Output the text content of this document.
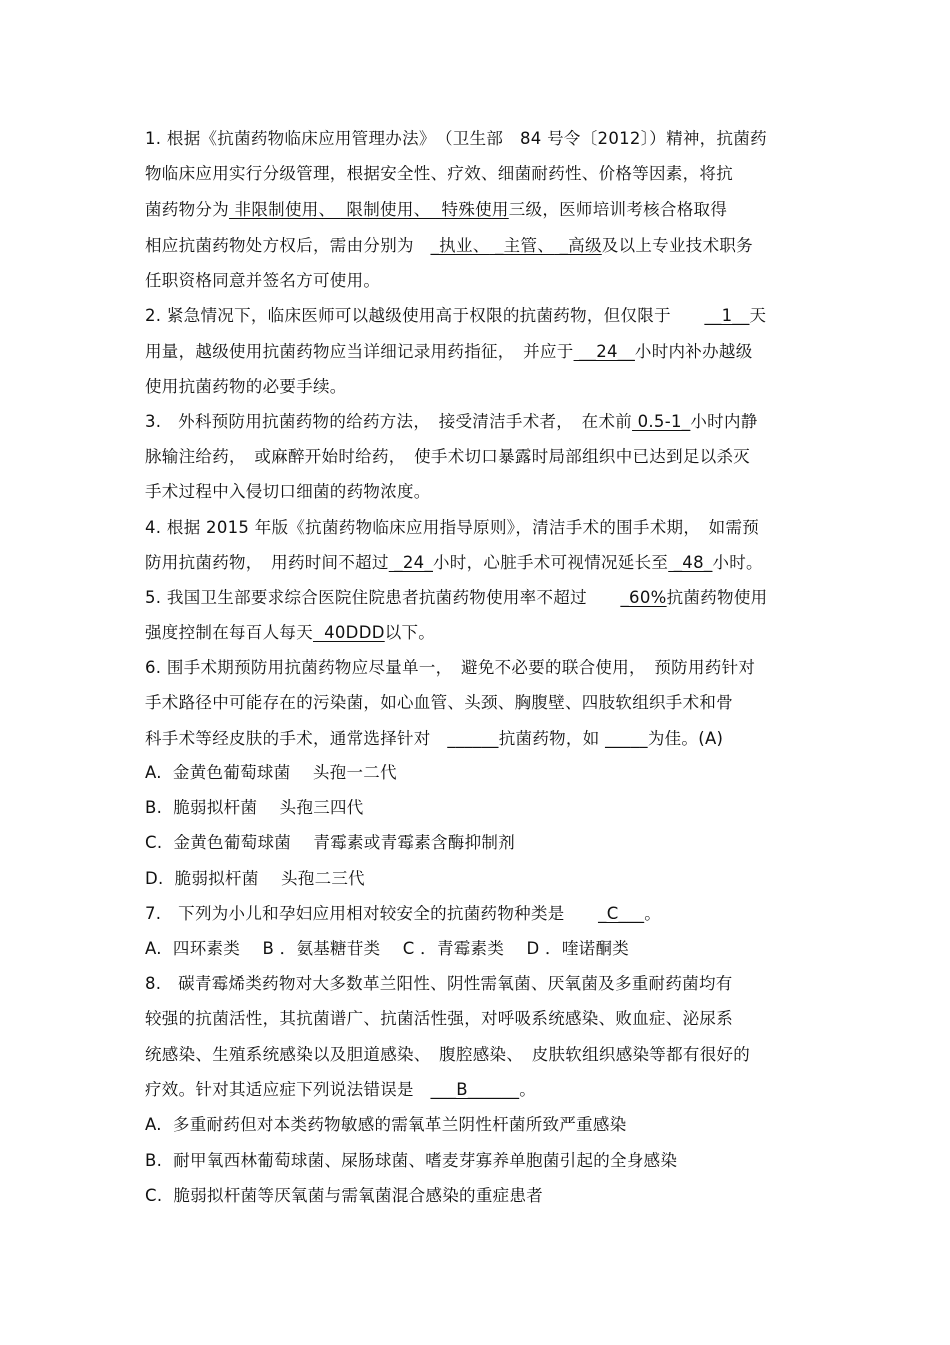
1. 根据《抗菌药物临床应用管理办法》　（卫生部　84 号令〔2012〕）精神，抗菌药
物临床应用实行分级管理，根据安全性、疗效、细菌耐药性、价格等因素，将抗
菌药物分为 非限制使用、  限制使用、  特殊使用三级，医师培训考核合格取得
相应抗菌药物处方权后，需由分别为　_执业、 _主管、 _高级及以上专业技术职务
任职资格同意并签名方可使用。
2. 紧急情况下，临床医师可以越级使用高于权限的抗菌药物，但仅限于　　__1__天
用量，越级使用抗菌药物应当详细记录用药指征，　并应于 __24__小时内补办越级
使用抗菌药物的必要手续。
3.　外科预防用抗菌药物的给药方法，　接受清洁手术者，　在术前 0.5-1_小时内静
脉输注给药，　或麻醉开始时给药，　使手术切口暴露时局部组织中已达到足以杀灭
手术过程中入侵切口细菌的药物浓度。
4. 根据 2015 年版《抗菌药物临床应用指导原则》，清洁手术的围手术期，　如需预
防用抗菌药物，　用药时间不超过 _24_小时，心脏手术可视情况延长至 _48_小时。
5. 我国卫生部要求综合医院住院患者抗菌药物使用率不超过　　_60%抗菌药物使用
强度控制在每百人每天  40DDD以下。
6. 围手术期预防用抗菌药物应尽量单一，　避免不必要的联合使用，　预防用药针对
手术路径中可能存在的污染菌，如心血管、头颈、胸腹壁、四肢软组织手术和骨
科手术等经皮肤的手术，通常选择针对　______抗菌药物，如 _____为佳。(A)
A.  金黄色葡萄球菌　 头孢一二代
B.  脆弱拟杆菌　 头孢三四代
C.  金黄色葡萄球菌　 青霉素或青霉素含酶抑制剂
D.  脆弱拟杆菌　 头孢二三代
7.　下列为小儿和孕妇应用相对较安全的抗菌药物种类是　　_C___。
A.  四环素类　 B ．氨基糖苷类　 C ．青霉素类　 D ．喹诺酮类
8.　碳青霉烯类药物对大多数革兰阳性、阴性需氧菌、厌氧菌及多重耐药菌均有
较强的抗菌活性，其抗菌谱广、抗菌活性强，对呼吸系统感染、败血症、泌尿系
统感染、生殖系统感染以及胆道感染、　腹腔感染、　皮肤软组织感染等都有很好的
疗效。针对其适应症下列说法错误是　___B______。
A.  多重耐药但对本类药物敏感的需氧革兰阴性杆菌所致严重感染
B.  耐甲氧西林葡萄球菌、屎肠球菌、嗜麦芽寡养单胞菌引起的全身感染
C.  脆弱拟杆菌等厌氧菌与需氧菌混合感染的重症患者
